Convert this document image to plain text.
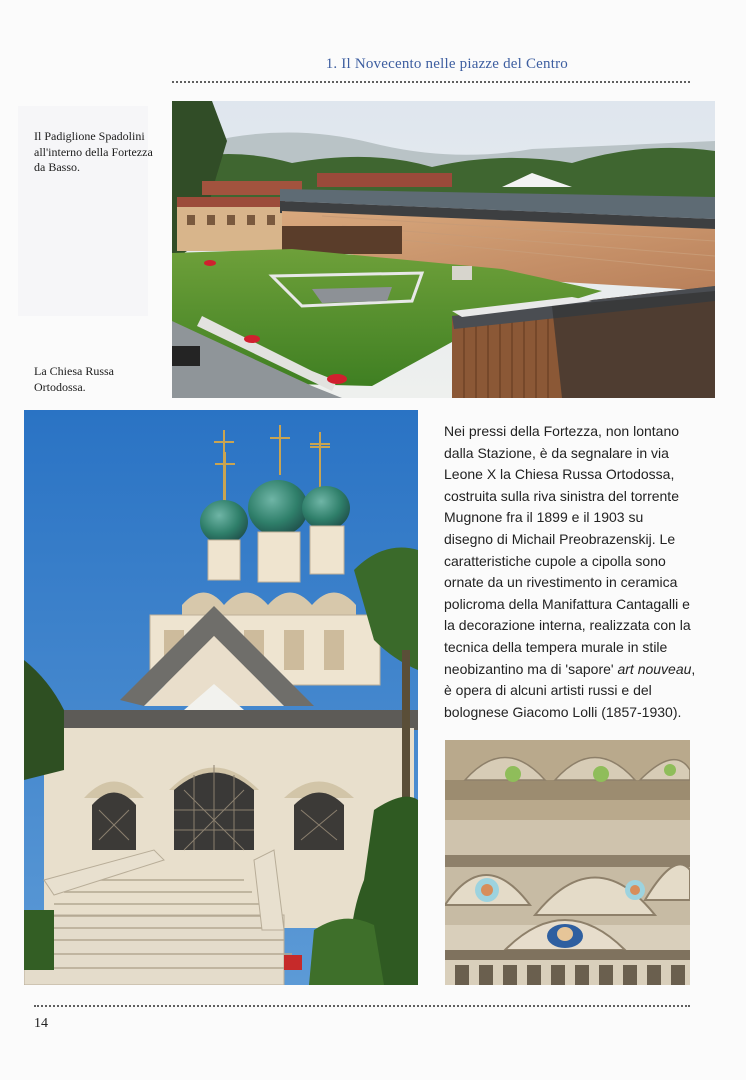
1. Il Novecento nelle piazze del Centro
Il Padiglione Spadolini all'interno della Fortezza da Basso.
La Chiesa Russa Ortodossa.

Nei pressi della Fortezza, non lontano dalla Stazione, è da segnalare in via Leone X la Chiesa Russa Ortodossa, costruita sulla riva sinistra del torrente Mugnone fra il 1899 e il 1903 su disegno di Michail Preobrazenskij. Le caratteristiche cupole a cipolla sono ornate da un rivestimento in ceramica policroma della Manifattura Cantagalli e la decorazione interna, realizzata con la tecnica della tempera murale in stile neobizantino ma di 'sapore' art nouveau, è opera di alcuni artisti russi e del bolognese Giacomo Lolli (1857-1930).

14
